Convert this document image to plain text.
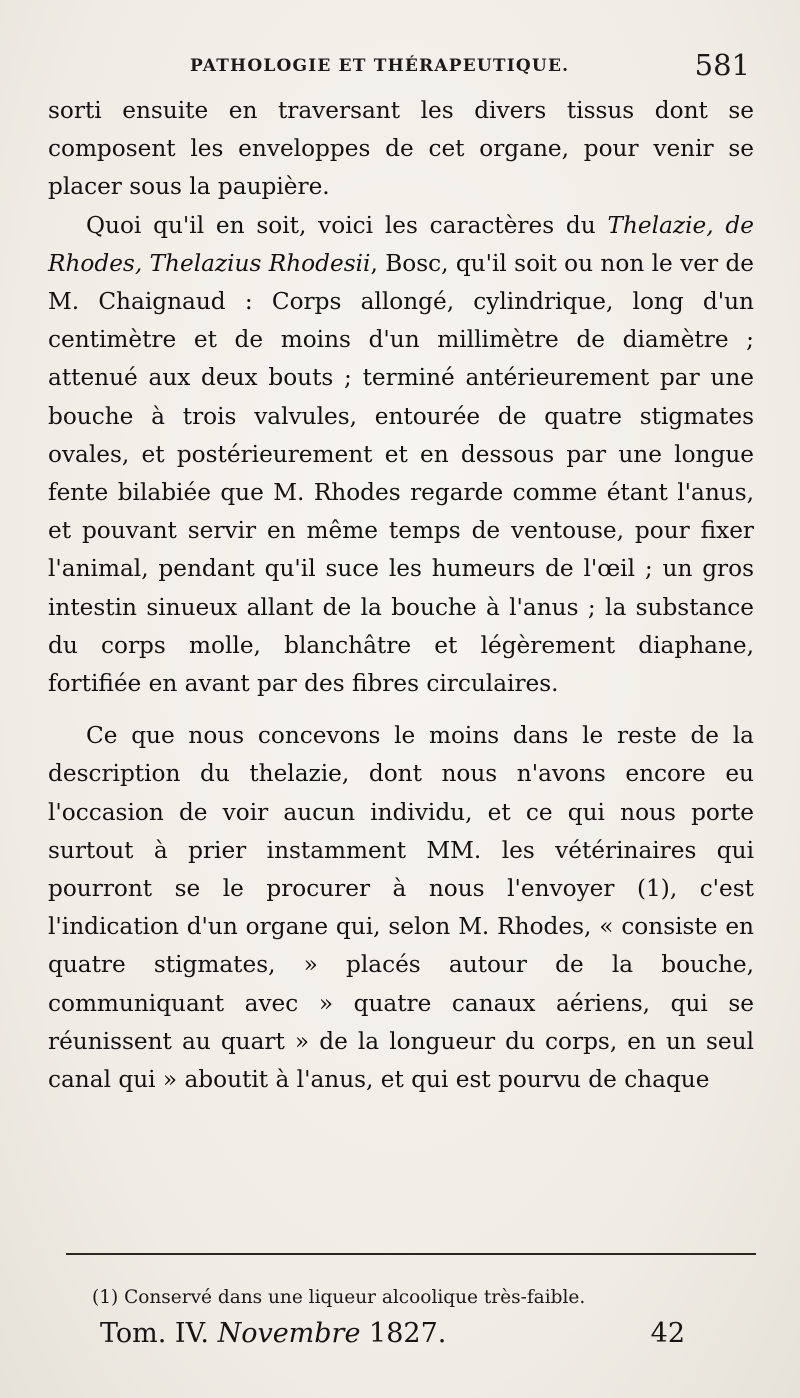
PATHOLOGIE ET THÉRAPEUTIQUE.	581

sorti ensuite en traversant les divers tissus dont se composent les enveloppes de cet organe, pour venir se placer sous la paupière.

Quoi qu'il en soit, voici les caractères du Thelazie, de Rhodes, Thelazius Rhodesii, Bosc, qu'il soit ou non le ver de M. Chaignaud : Corps allongé, cylindrique, long d'un centimètre et de moins d'un millimètre de diamètre ; attenué aux deux bouts ; terminé antérieurement par une bouche à trois valvules, entourée de quatre stigmates ovales, et postérieurement et en dessous par une longue fente bilabiée que M. Rhodes regarde comme étant l'anus, et pouvant servir en même temps de ventouse, pour fixer l'animal, pendant qu'il suce les humeurs de l'œil ; un gros intestin sinueux allant de la bouche à l'anus ; la substance du corps molle, blanchâtre et légèrement diaphane, fortifiée en avant par des fibres circulaires.

Ce que nous concevons le moins dans le reste de la description du thelazie, dont nous n'avons encore eu l'occasion de voir aucun individu, et ce qui nous porte surtout à prier instamment MM. les vétérinaires qui pourront se le procurer à nous l'envoyer (1), c'est l'indication d'un organe qui, selon M. Rhodes, « consiste en quatre stigmates, » placés autour de la bouche, communiquant avec » quatre canaux aériens, qui se réunissent au quart » de la longueur du corps, en un seul canal qui » aboutit à l'anus, et qui est pourvu de chaque

(1) Conservé dans une liqueur alcoolique très-faible.
Tom. IV. Novembre 1827.	42
